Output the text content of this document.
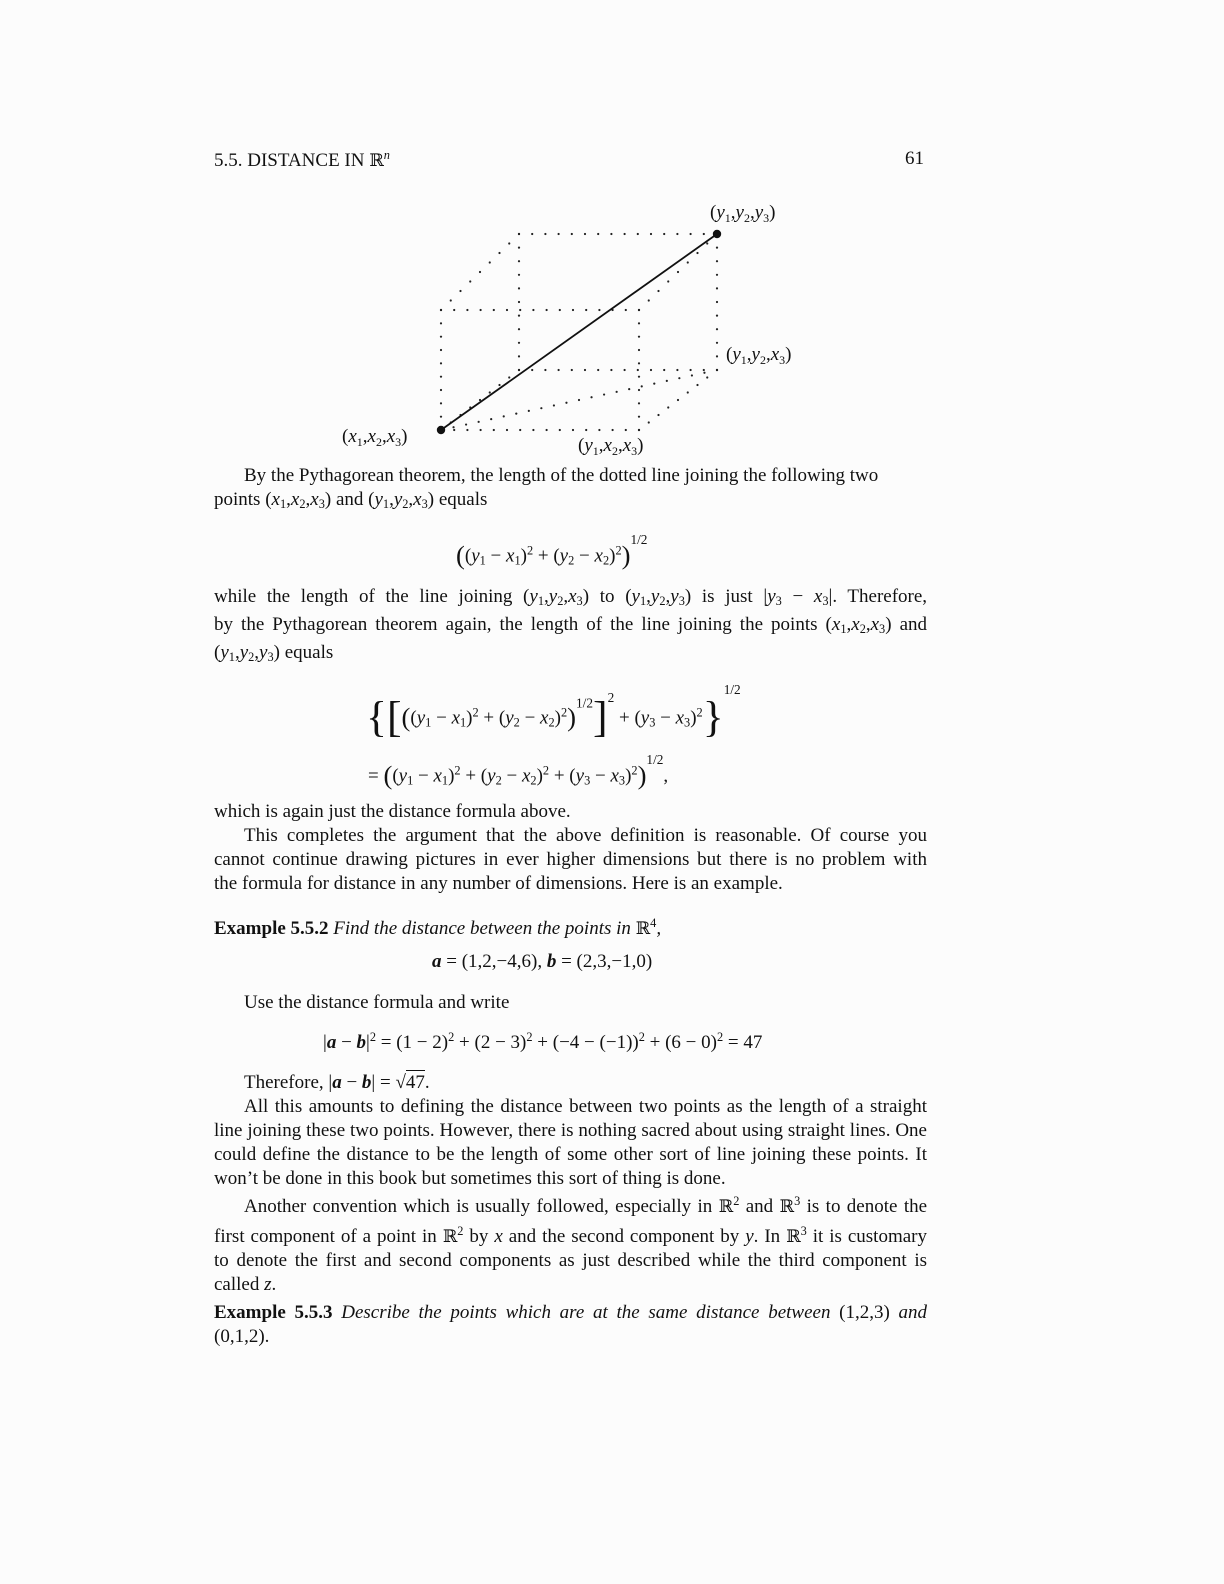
5.5. DISTANCE IN ℝ$^n$	61
$(y_1,y_2,y_3)$
$(y_1,y_2,x_3)$
$(x_1,x_2,x_3)$	$(y_1,x_2,x_3)$
By the Pythagorean theorem, the length of the dotted line joining the following two
points $(x_1,x_2,x_3)$ and $(y_1,y_2,x_3)$ equals
$((y_1 - x_1)^2 + (y_2 - x_2)^2)^{1/2}$
while the length of the line joining $(y_1,y_2,x_3)$ to $(y_1,y_2,y_3)$ is just $|y_3 - x_3|$. Therefore,
by the Pythagorean theorem again, the length of the line joining the points $(x_1,x_2,x_3)$ and
$(y_1,y_2,y_3)$ equals
$\{[((y_1 - x_1)^2 + (y_2 - x_2)^2)^{1/2}]^2 + (y_3 - x_3)^2\}^{1/2}$
= $((y_1 - x_1)^2 + (y_2 - x_2)^2 + (y_3 - x_3)^2)^{1/2}$,
which is again just the distance formula above.
This completes the argument that the above definition is reasonable. Of course you
cannot continue drawing pictures in ever higher dimensions but there is no problem with
the formula for distance in any number of dimensions. Here is an example.
Example 5.5.2 Find the distance between the points in ℝ$^4$,
a = (1,2,−4,6), b = (2,3,−1,0)
Use the distance formula and write
$|a - b|^2 = (1 - 2)^2 + (2 - 3)^2 + (-4 - (-1))^2 + (6 - 0)^2 = 47$
Therefore, |a − b| = √47.
All this amounts to defining the distance between two points as the length of a straight line joining these two points. However, there is nothing sacred about using straight lines. One could define the distance to be the length of some other sort of line joining these points. It won’t be done in this book but sometimes this sort of thing is done.
Another convention which is usually followed, especially in ℝ$^2$ and ℝ$^3$ is to denote the
first component of a point in ℝ$^2$ by x and the second component by y. In ℝ$^3$ it is customary
to denote the first and second components as just described while the third component is
called z.
Example 5.5.3 Describe the points which are at the same distance between (1,2,3) and
(0,1,2).
